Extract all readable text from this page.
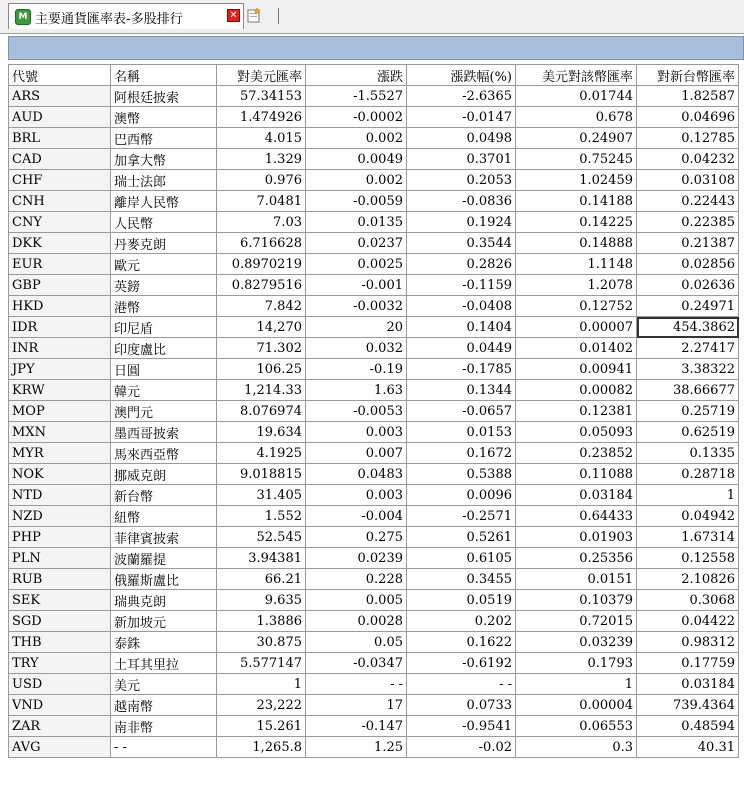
M 主要通貨匯率表-多股排行	✕
代號	名稱	對美元匯率	漲跌	漲跌幅(%)	美元對該幣匯率	對新台幣匯率
ARS	阿根廷披索	57.34153	-1.5527	-2.6365	0.01744	1.82587
AUD	澳幣	1.474926	-0.0002	-0.0147	0.678	0.04696
BRL	巴西幣	4.015	0.002	0.0498	0.24907	0.12785
CAD	加拿大幣	1.329	0.0049	0.3701	0.75245	0.04232
CHF	瑞士法郎	0.976	0.002	0.2053	1.02459	0.03108
CNH	離岸人民幣	7.0481	-0.0059	-0.0836	0.14188	0.22443
CNY	人民幣	7.03	0.0135	0.1924	0.14225	0.22385
DKK	丹麥克朗	6.716628	0.0237	0.3544	0.14888	0.21387
EUR	歐元	0.8970219	0.0025	0.2826	1.1148	0.02856
GBP	英鎊	0.8279516	-0.001	-0.1159	1.2078	0.02636
HKD	港幣	7.842	-0.0032	-0.0408	0.12752	0.24971
IDR	印尼盾	14,270	20	0.1404	0.00007	454.3862
INR	印度盧比	71.302	0.032	0.0449	0.01402	2.27417
JPY	日圓	106.25	-0.19	-0.1785	0.00941	3.38322
KRW	韓元	1,214.33	1.63	0.1344	0.00082	38.66677
MOP	澳門元	8.076974	-0.0053	-0.0657	0.12381	0.25719
MXN	墨西哥披索	19.634	0.003	0.0153	0.05093	0.62519
MYR	馬來西亞幣	4.1925	0.007	0.1672	0.23852	0.1335
NOK	挪威克朗	9.018815	0.0483	0.5388	0.11088	0.28718
NTD	新台幣	31.405	0.003	0.0096	0.03184	1
NZD	紐幣	1.552	-0.004	-0.2571	0.64433	0.04942
PHP	菲律賓披索	52.545	0.275	0.5261	0.01903	1.67314
PLN	波蘭羅提	3.94381	0.0239	0.6105	0.25356	0.12558
RUB	俄羅斯盧比	66.21	0.228	0.3455	0.0151	2.10826
SEK	瑞典克朗	9.635	0.005	0.0519	0.10379	0.3068
SGD	新加坡元	1.3886	0.0028	0.202	0.72015	0.04422
THB	泰銖	30.875	0.05	0.1622	0.03239	0.98312
TRY	土耳其里拉	5.577147	-0.0347	-0.6192	0.1793	0.17759
USD	美元	1	- -	- -	1	0.03184
VND	越南幣	23,222	17	0.0733	0.00004	739.4364
ZAR	南非幣	15.261	-0.147	-0.9541	0.06553	0.48594
AVG	- -	1,265.8	1.25	-0.02	0.3	40.31
